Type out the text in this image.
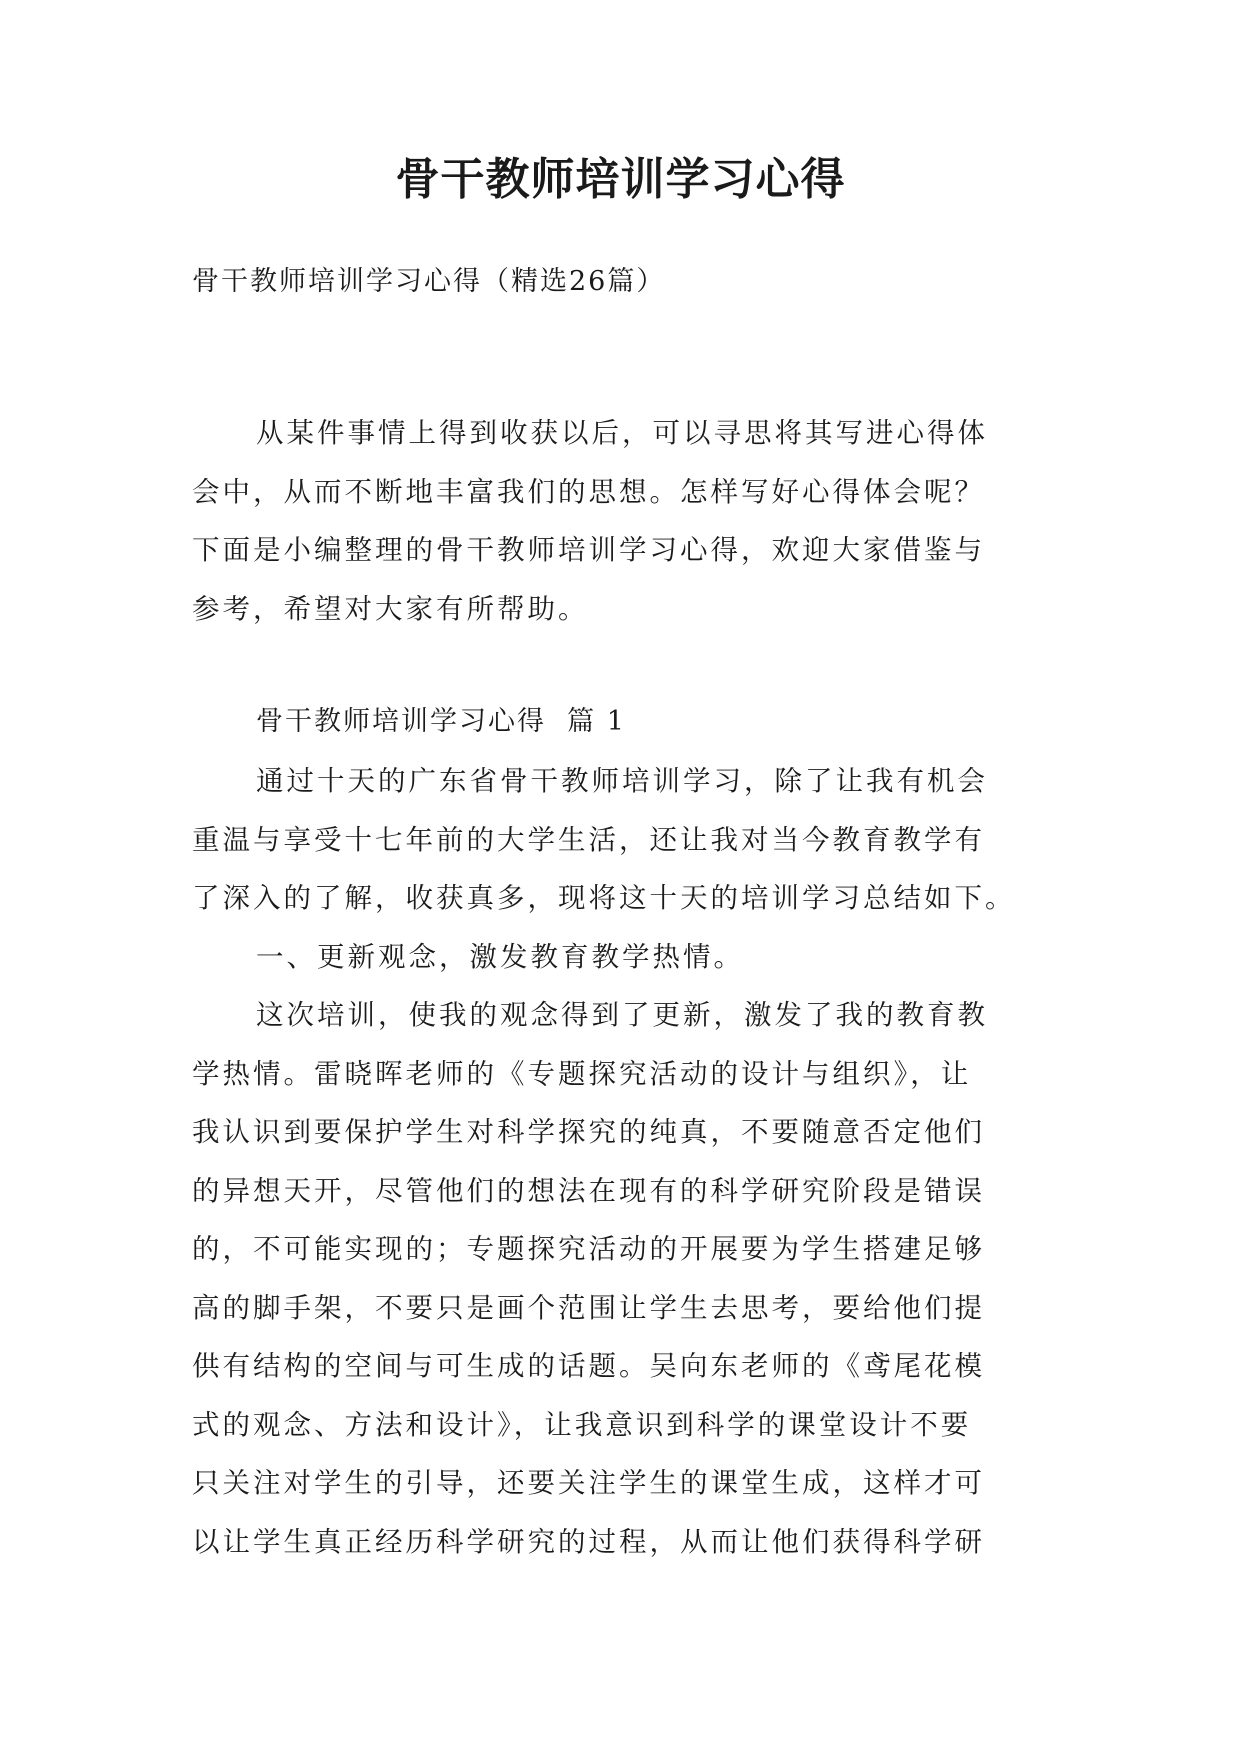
骨干教师培训学习心得
骨干教师培训学习心得（精选26篇）
从某件事情上得到收获以后，可以寻思将其写进心得体
会中，从而不断地丰富我们的思想。怎样写好心得体会呢？
下面是小编整理的骨干教师培训学习心得，欢迎大家借鉴与
参考，希望对大家有所帮助。
骨干教师培训学习心得  篇 1
通过十天的广东省骨干教师培训学习，除了让我有机会
重温与享受十七年前的大学生活，还让我对当今教育教学有
了深入的了解，收获真多，现将这十天的培训学习总结如下。
一、更新观念，激发教育教学热情。
这次培训，使我的观念得到了更新，激发了我的教育教
学热情。雷晓晖老师的《专题探究活动的设计与组织》，让
我认识到要保护学生对科学探究的纯真，不要随意否定他们
的异想天开，尽管他们的想法在现有的科学研究阶段是错误
的，不可能实现的；专题探究活动的开展要为学生搭建足够
高的脚手架，不要只是画个范围让学生去思考，要给他们提
供有结构的空间与可生成的话题。吴向东老师的《鸢尾花模
式的观念、方法和设计》，让我意识到科学的课堂设计不要
只关注对学生的引导，还要关注学生的课堂生成，这样才可
以让学生真正经历科学研究的过程，从而让他们获得科学研
